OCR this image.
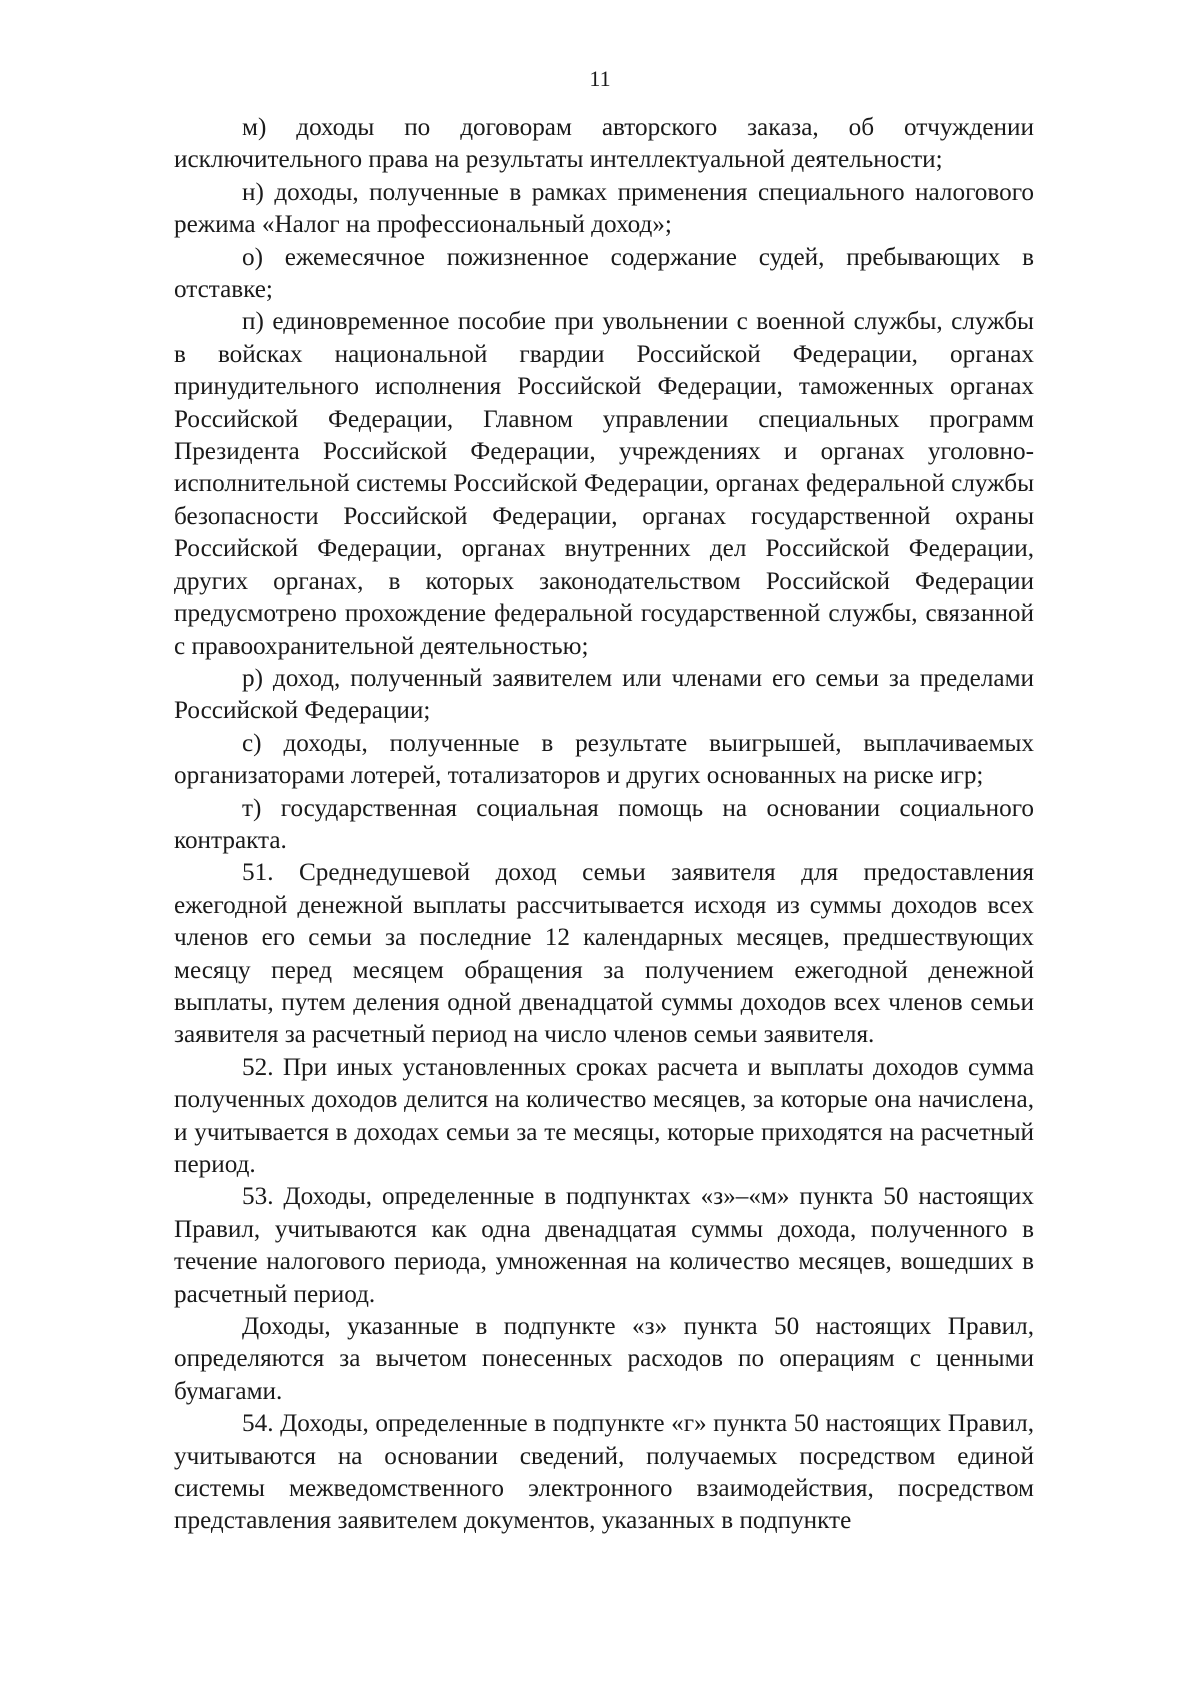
11

м) доходы по договорам авторского заказа, об отчуждении исключительного права на результаты интеллектуальной деятельности;

н) доходы, полученные в рамках применения специального налогового режима «Налог на профессиональный доход»;

о) ежемесячное пожизненное содержание судей, пребывающих в отставке;

п) единовременное пособие при увольнении с военной службы, службы в войсках национальной гвардии Российской Федерации, органах принудительного исполнения Российской Федерации, таможенных органах Российской Федерации, Главном управлении специальных программ Президента Российской Федерации, учреждениях и органах уголовно-исполнительной системы Российской Федерации, органах федеральной службы безопасности Российской Федерации, органах государственной охраны Российской Федерации, органах внутренних дел Российской Федерации, других органах, в которых законодательством Российской Федерации предусмотрено прохождение федеральной государственной службы, связанной с правоохранительной деятельностью;

р) доход, полученный заявителем или членами его семьи за пределами Российской Федерации;

с) доходы, полученные в результате выигрышей, выплачиваемых организаторами лотерей, тотализаторов и других основанных на риске игр;

т) государственная социальная помощь на основании социального контракта.

51. Среднедушевой доход семьи заявителя для предоставления ежегодной денежной выплаты рассчитывается исходя из суммы доходов всех членов его семьи за последние 12 календарных месяцев, предшествующих месяцу перед месяцем обращения за получением ежегодной денежной выплаты, путем деления одной двенадцатой суммы доходов всех членов семьи заявителя за расчетный период на число членов семьи заявителя.

52. При иных установленных сроках расчета и выплаты доходов сумма полученных доходов делится на количество месяцев, за которые она начислена, и учитывается в доходах семьи за те месяцы, которые приходятся на расчетный период.

53. Доходы, определенные в подпунктах «з»–«м» пункта 50 настоящих Правил, учитываются как одна двенадцатая суммы дохода, полученного в течение налогового периода, умноженная на количество месяцев, вошедших в расчетный период.

Доходы, указанные в подпункте «з» пункта 50 настоящих Правил, определяются за вычетом понесенных расходов по операциям с ценными бумагами.

54. Доходы, определенные в подпункте «г» пункта 50 настоящих Правил, учитываются на основании сведений, получаемых посредством единой системы межведомственного электронного взаимодействия, посредством представления заявителем документов, указанных в подпункте
